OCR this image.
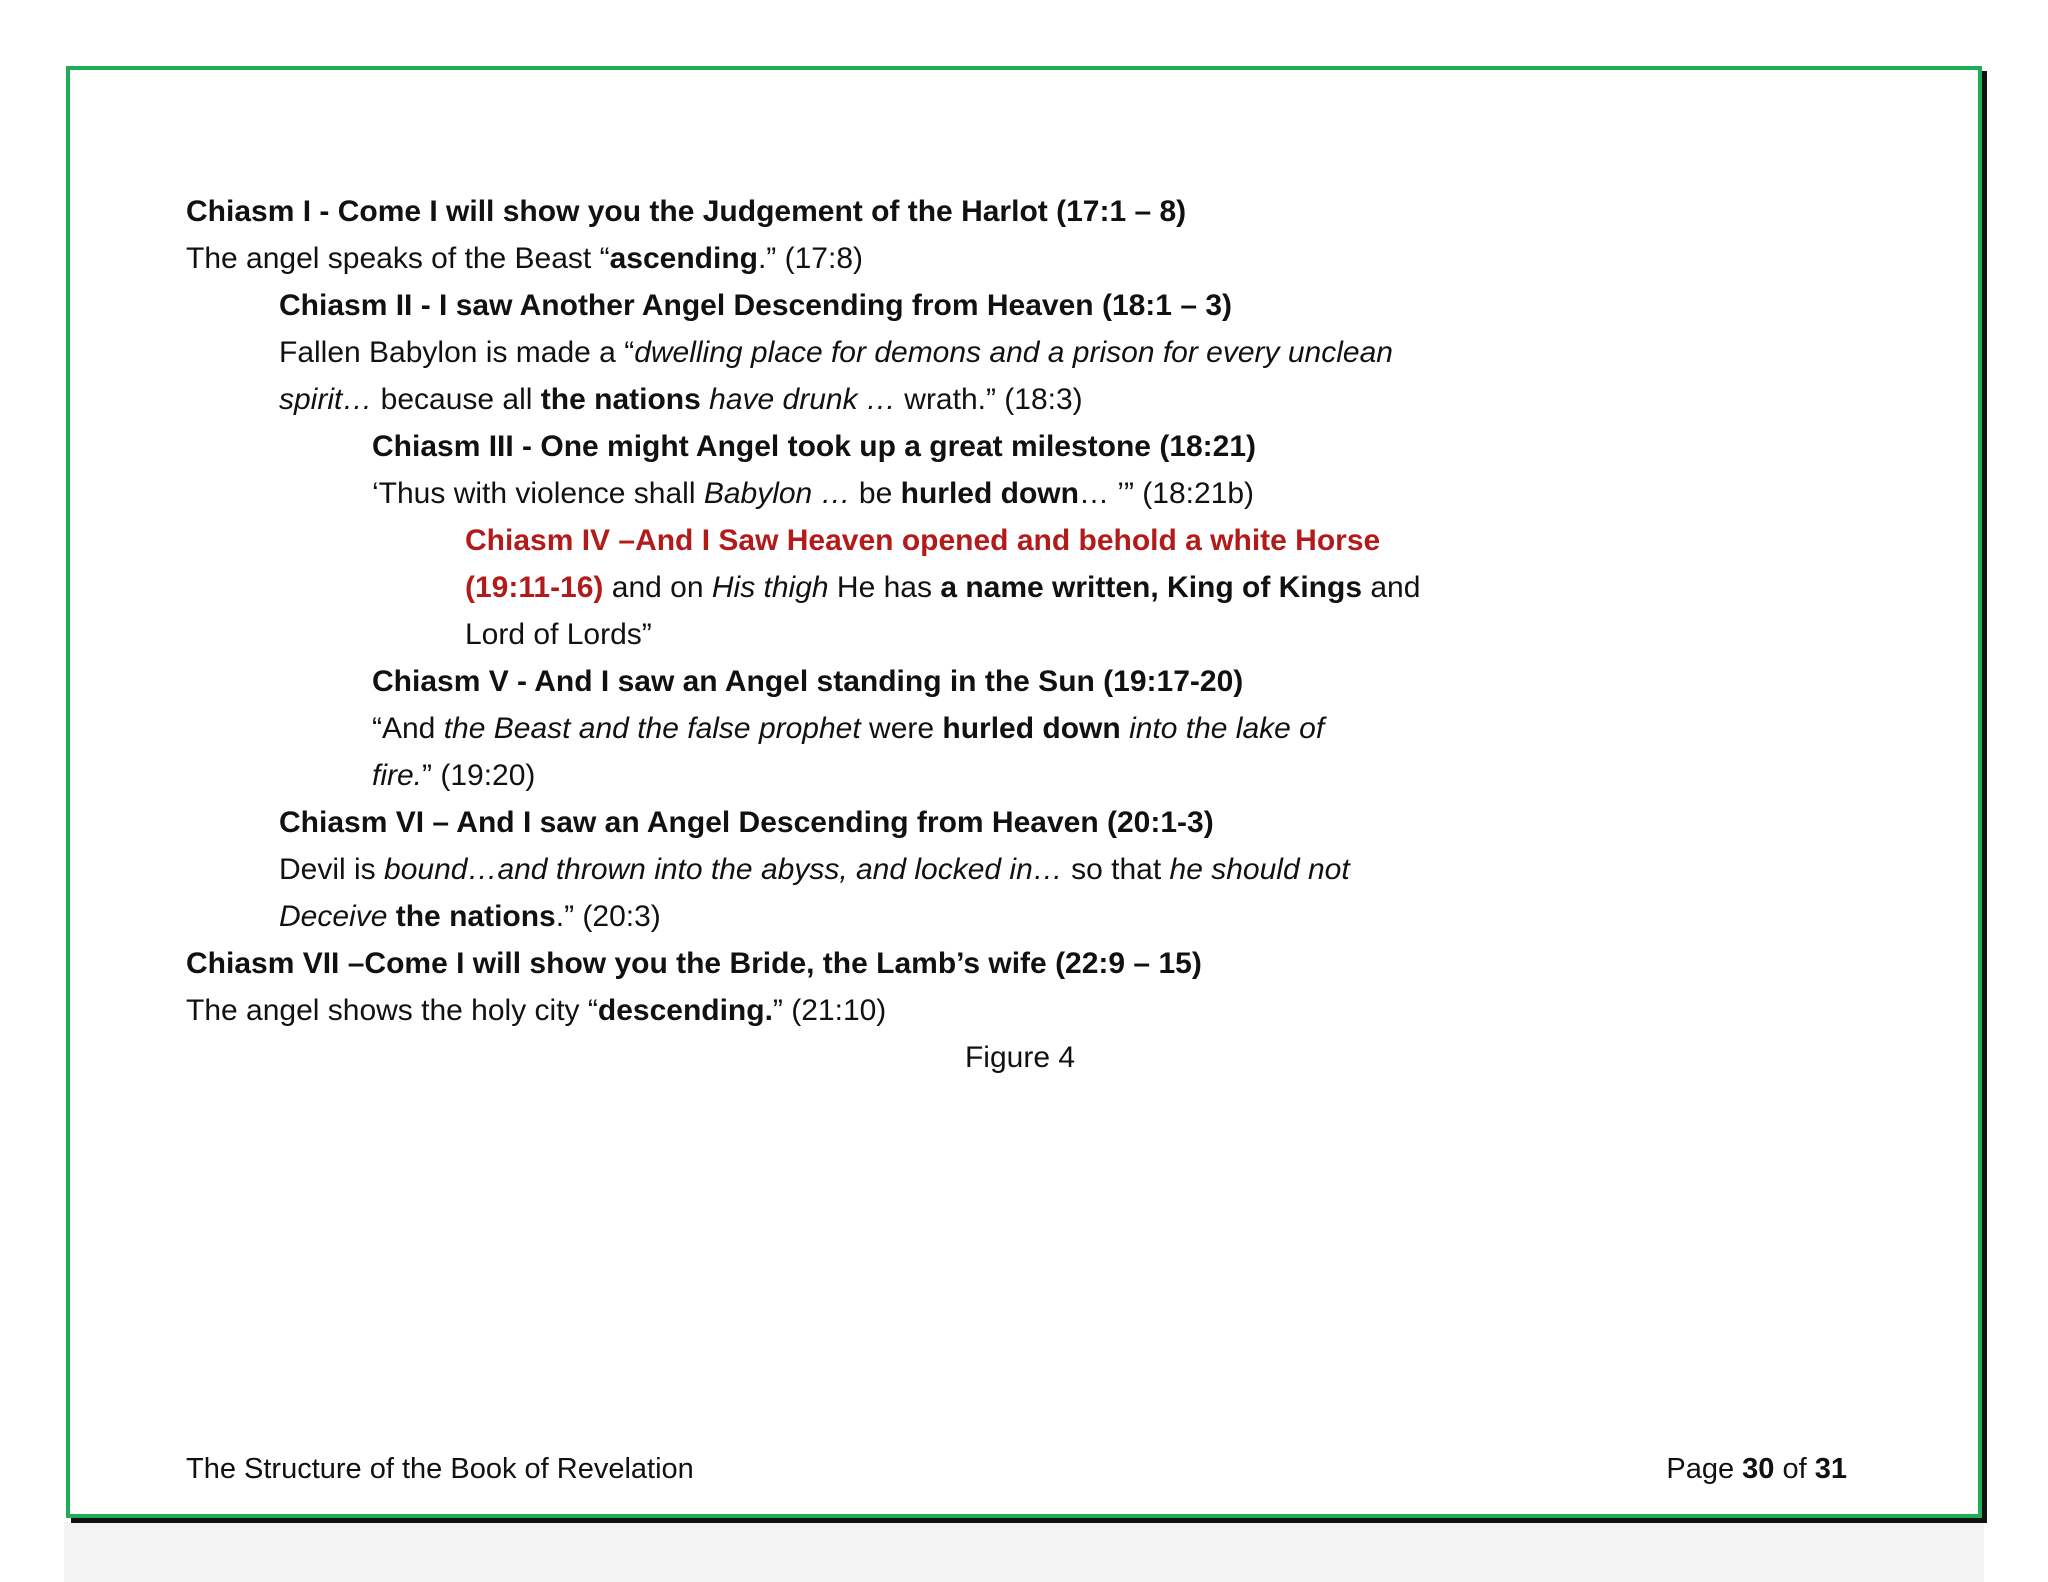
Chiasm I - Come I will show you the Judgement of the Harlot (17:1 – 8)
The angel speaks of the Beast “ascending.” (17:8)
Chiasm II - I saw Another Angel Descending from Heaven (18:1 – 3)
Fallen Babylon is made a “dwelling place for demons and a prison for every unclean
spirit… because all the nations have drunk … wrath.” (18:3)
Chiasm III - One might Angel took up a great milestone (18:21)
‘Thus with violence shall Babylon … be hurled down… ’” (18:21b)
Chiasm IV –And I Saw Heaven opened and behold a white Horse
(19:11-16) and on His thigh He has a name written, King of Kings and
Lord of Lords”
Chiasm V - And I saw an Angel standing in the Sun (19:17-20)
“And the Beast and the false prophet were hurled down into the lake of
fire.” (19:20)
Chiasm VI – And I saw an Angel Descending from Heaven (20:1-3)
Devil is bound…and thrown into the abyss, and locked in… so that he should not
Deceive the nations.” (20:3)
Chiasm VII –Come I will show you the Bride, the Lamb’s wife (22:9 – 15)
The angel shows the holy city “descending.” (21:10)
Figure 4
The Structure of the Book of Revelation	Page 30 of 31
